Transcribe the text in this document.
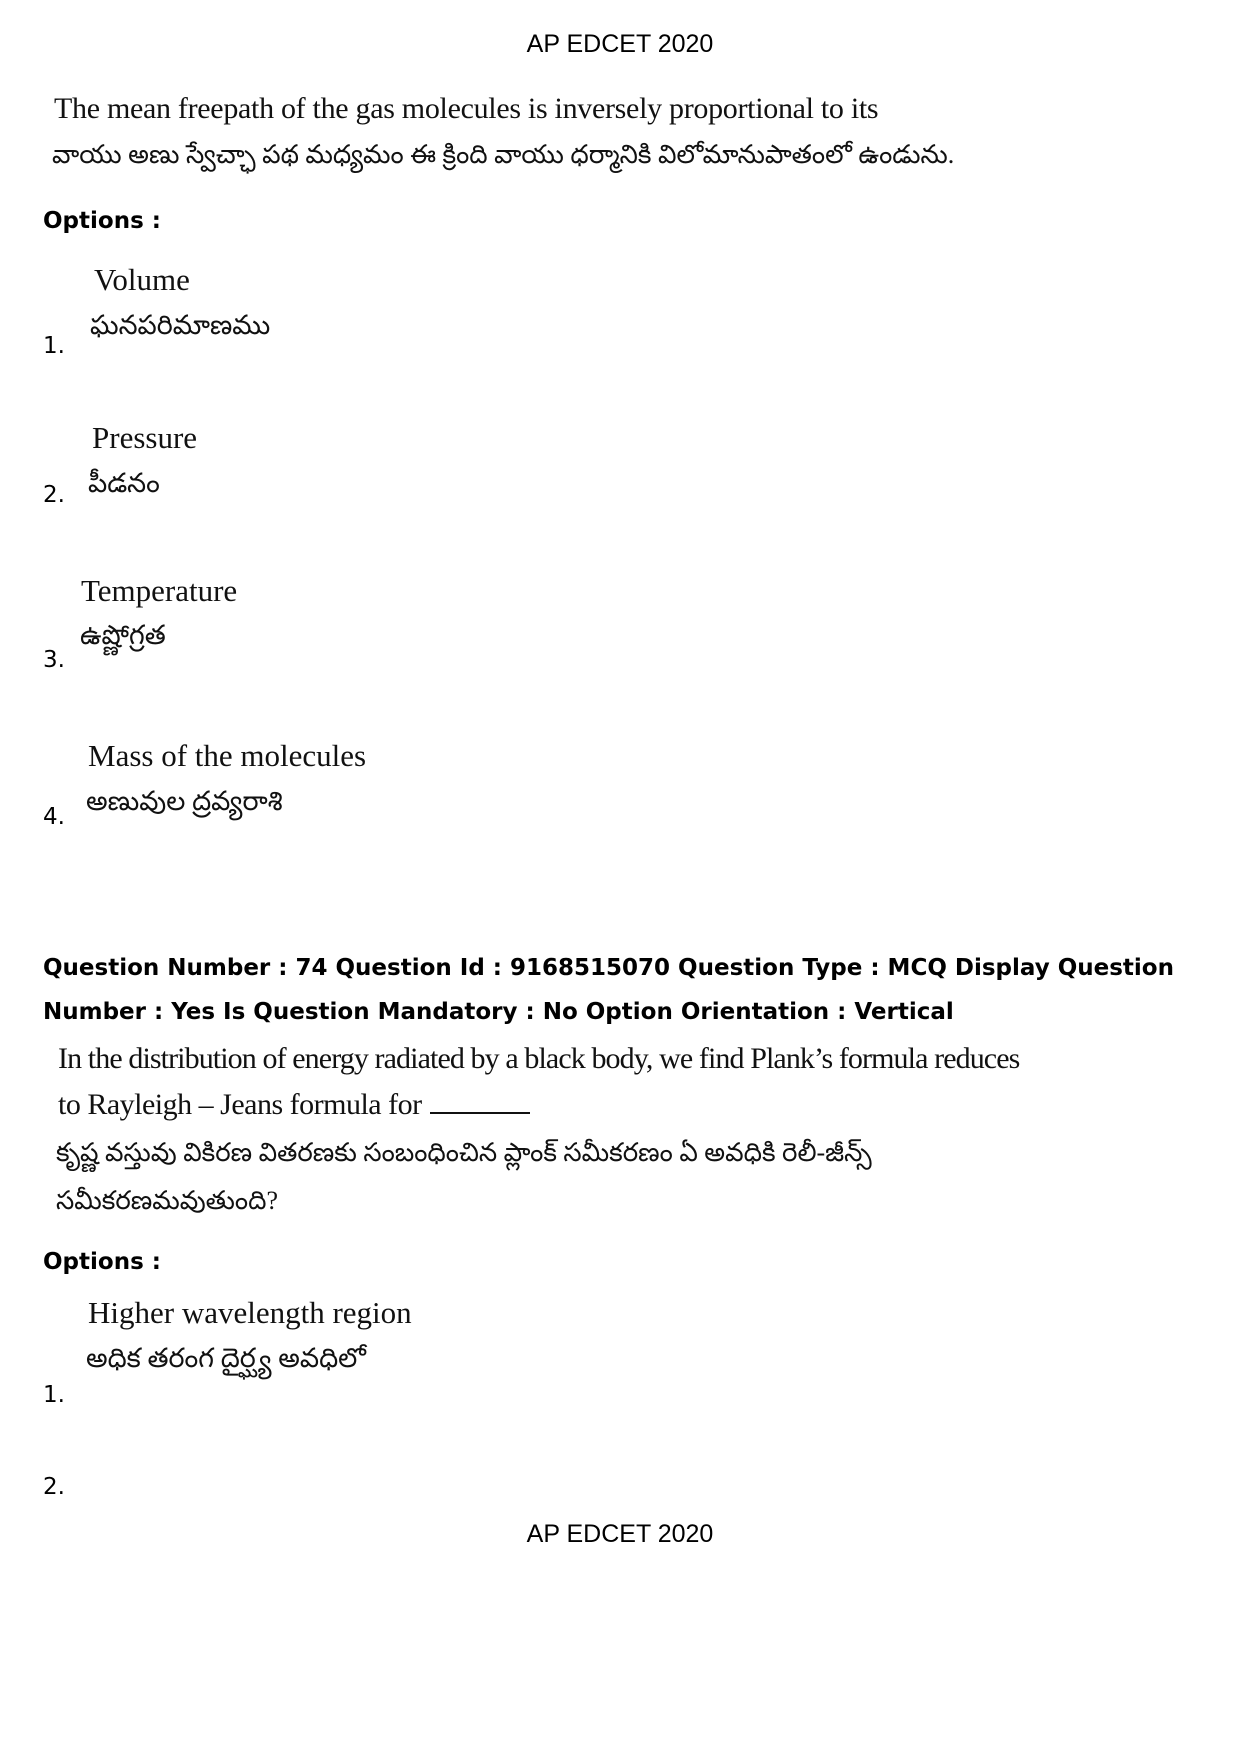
AP EDCET 2020
The mean freepath of the gas molecules is inversely proportional to its
వాయు అణు స్వేచ్ఛా పథ మధ్యమం ఈ క్రింది వాయు ధర్మానికి విలోమానుపాతంలో ఉండును.
Options :
Volume
ఘనపరిమాణము
1.
Pressure
పీడనం
2.
Temperature
ఉష్ణోగ్రత
3.
Mass of the molecules
అణువుల ద్రవ్యరాశి
4.
Question Number : 74 Question Id : 9168515070 Question Type : MCQ Display Question
Number : Yes Is Question Mandatory : No Option Orientation : Vertical
In the distribution of energy radiated by a black body, we find Plank’s formula reduces
to Rayleigh – Jeans formula for
కృష్ణ వస్తువు వికిరణ వితరణకు సంబంధించిన ప్లాంక్ సమీకరణం ఏ అవధికి రెలీ-జీన్స్
సమీకరణమవుతుంది?
Options :
Higher wavelength region
అధిక తరంగ దైర్ఘ్య అవధిలో
1.
2.
AP EDCET 2020
